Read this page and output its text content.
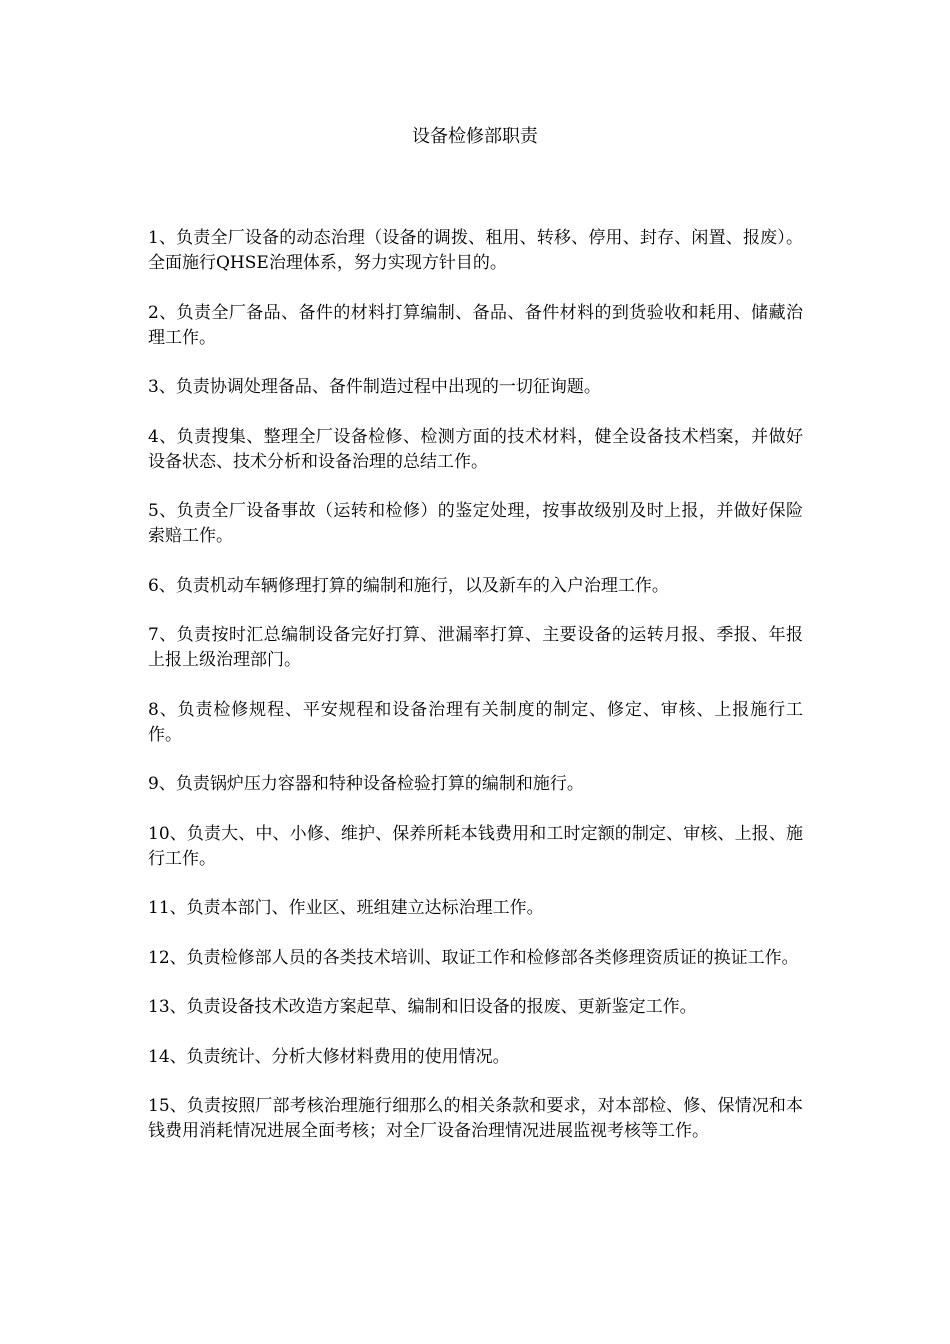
设备检修部职责
1、负责全厂设备的动态治理（设备的调拨、租用、转移、停用、封存、闲置、报废）。全面施行QHSE治理体系，努力实现方针目的。
2、负责全厂备品、备件的材料打算编制、备品、备件材料的到货验收和耗用、储藏治理工作。
3、负责协调处理备品、备件制造过程中出现的一切征询题。
4、负责搜集、整理全厂设备检修、检测方面的技术材料，健全设备技术档案，并做好设备状态、技术分析和设备治理的总结工作。
5、负责全厂设备事故（运转和检修）的鉴定处理，按事故级别及时上报，并做好保险索赔工作。
6、负责机动车辆修理打算的编制和施行，以及新车的入户治理工作。
7、负责按时汇总编制设备完好打算、泄漏率打算、主要设备的运转月报、季报、年报上报上级治理部门。
8、负责检修规程、平安规程和设备治理有关制度的制定、修定、审核、上报施行工作。
9、负责锅炉压力容器和特种设备检验打算的编制和施行。
10、负责大、中、小修、维护、保养所耗本钱费用和工时定额的制定、审核、上报、施行工作。
11、负责本部门、作业区、班组建立达标治理工作。
12、负责检修部人员的各类技术培训、取证工作和检修部各类修理资质证的换证工作。
13、负责设备技术改造方案起草、编制和旧设备的报废、更新鉴定工作。
14、负责统计、分析大修材料费用的使用情况。
15、负责按照厂部考核治理施行细那么的相关条款和要求，对本部检、修、保情况和本钱费用消耗情况进展全面考核；对全厂设备治理情况进展监视考核等工作。
